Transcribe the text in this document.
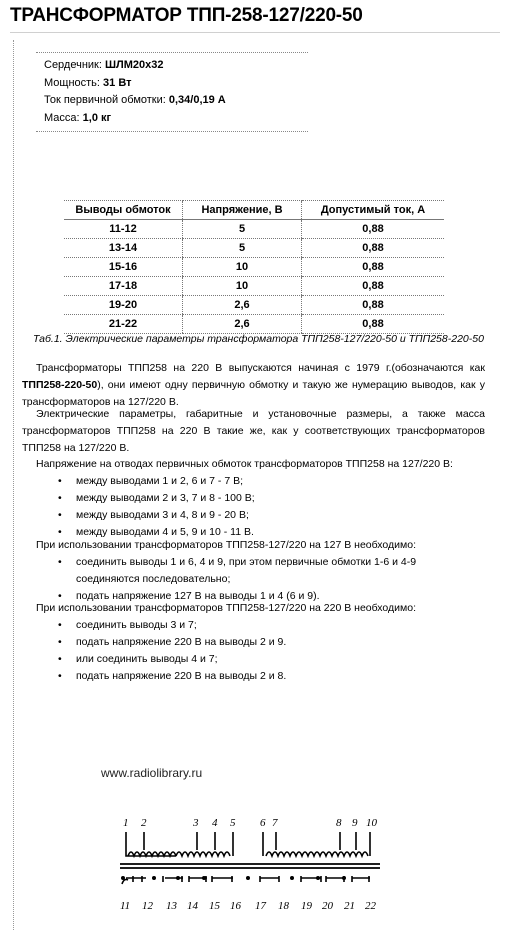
ТРАНСФОРМАТОР ТПП-258-127/220-50
Сердечник: ШЛМ20х32
Мощность: 31 Вт
Ток первичной обмотки: 0,34/0,19 А
Масса: 1,0 кг
Выводы обмоток	Напряжение, В	Допустимый ток, А
11-12	5	0,88
13-14	5	0,88
15-16	10	0,88
17-18	10	0,88
19-20	2,6	0,88
21-22	2,6	0,88
Таб.1. Электрические параметры трансформатора ТПП258-127/220-50 и ТПП258-220-50
Трансформаторы ТПП258 на 220 В выпускаются начиная с 1979 г.(обозначаются как ТПП258-220-50), они имеют одну первичную обмотку и такую же нумерацию выводов, как у трансформаторов на 127/220 В.
Электрические параметры, габаритные и установочные размеры, а также масса трансформаторов ТПП258 на 220 В такие же, как у соответствующих трансформаторов ТПП258 на 127/220 В.
Напряжение на отводах первичных обмоток трансформаторов ТПП258 на 127/220 В:
• между выводами 1 и 2, 6 и 7 - 7 В;
• между выводами 2 и 3, 7 и 8 - 100 В;
• между выводами 3 и 4, 8 и 9 - 20 В;
• между выводами 4 и 5, 9 и 10 - 11 В.
При использовании трансформаторов ТПП258-127/220 на 127 В необходимо:
• соединить выводы 1 и 6, 4 и 9, при этом первичные обмотки 1-6 и 4-9 соединяются последовательно;
• подать напряжение 127 В на выводы 1 и 4 (6 и 9).
При использовании трансформаторов ТПП258-127/220 на 220 В необходимо:
• соединить выводы 3 и 7;
• подать напряжение 220 В на выводы 2 и 9.
• или соединить выводы 4 и 7;
• подать напряжение 220 В на выводы 2 и 8.
www.radiolibrary.ru
1 2	3 4 5 6 7	8 9 10
11 12 13 14 15 16 17 18 19 20 21 22
